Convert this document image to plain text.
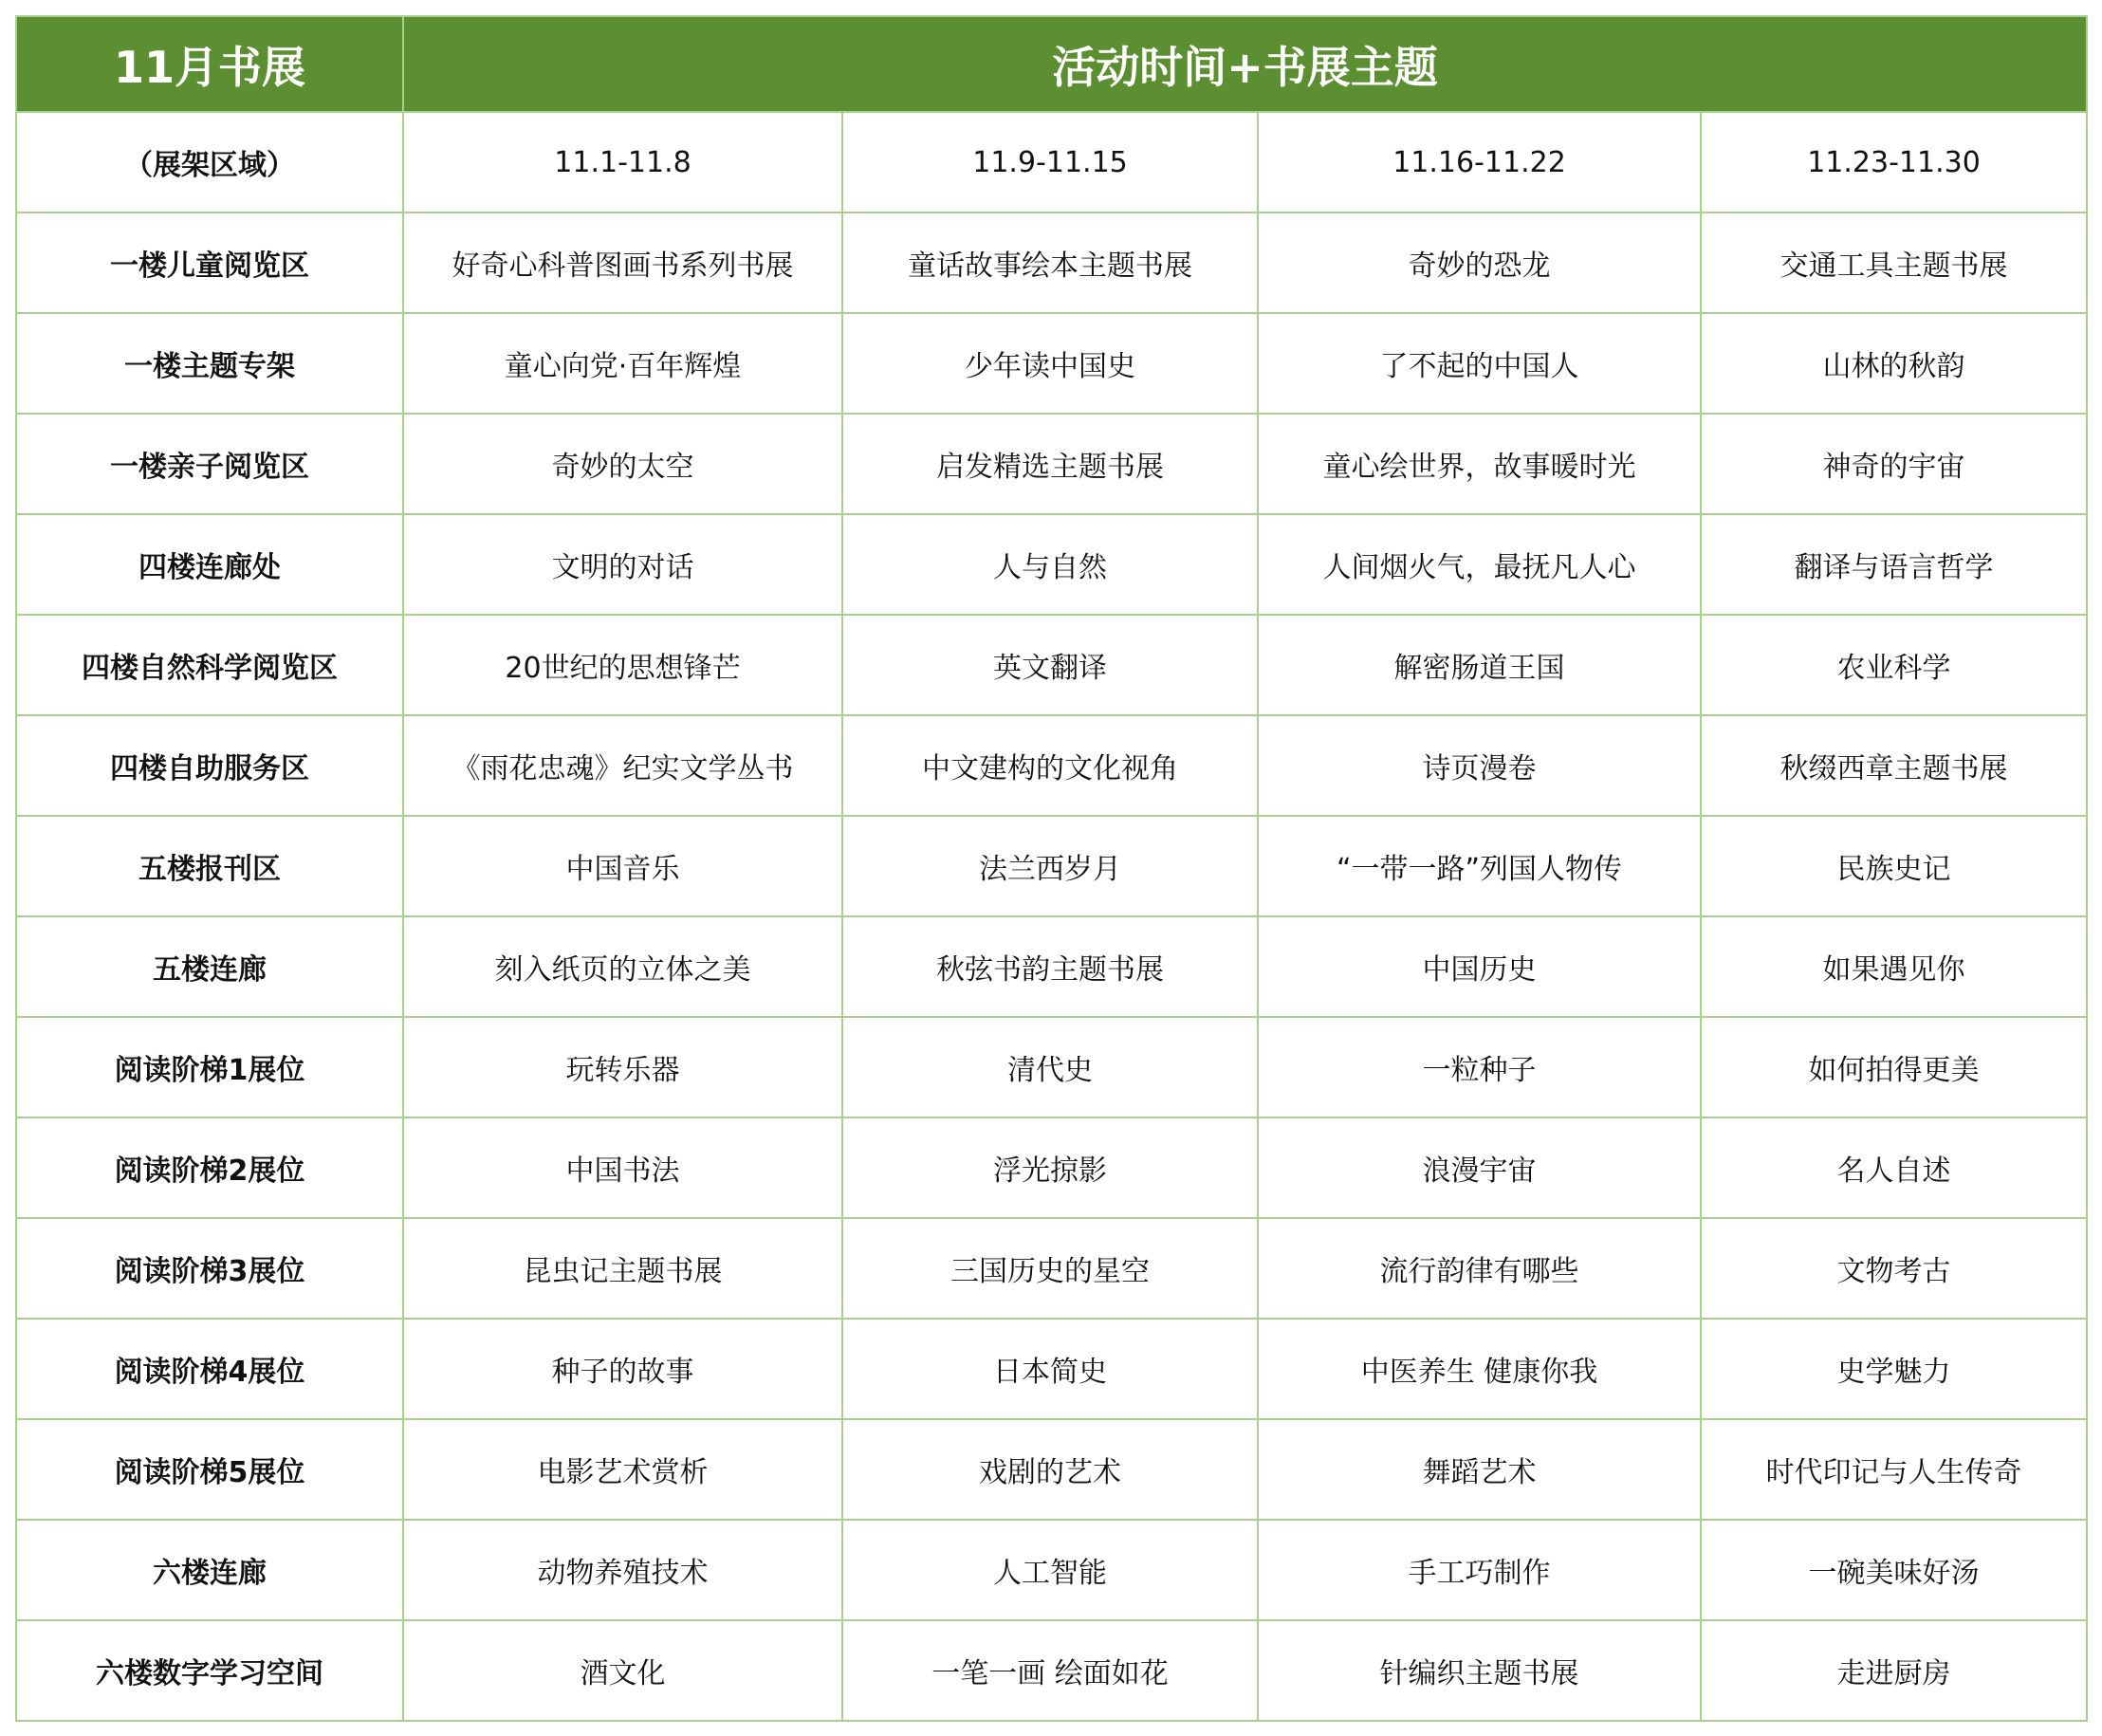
11月书展	活动时间+书展主题			
（展架区域）	11.1-11.8	11.9-11.15	11.16-11.22	11.23-11.30
一楼儿童阅览区	好奇心科普图画书系列书展	童话故事绘本主题书展	奇妙的恐龙	交通工具主题书展
一楼主题专架	童心向党·百年辉煌	少年读中国史	了不起的中国人	山林的秋韵
一楼亲子阅览区	奇妙的太空	启发精选主题书展	童心绘世界，故事暖时光	神奇的宇宙
四楼连廊处	文明的对话	人与自然	人间烟火气，最抚凡人心	翻译与语言哲学
四楼自然科学阅览区	20世纪的思想锋芒	英文翻译	解密肠道王国	农业科学
四楼自助服务区	《雨花忠魂》纪实文学丛书	中文建构的文化视角	诗页漫卷	秋缀西章主题书展
五楼报刊区	中国音乐	法兰西岁月	“一带一路”列国人物传	民族史记
五楼连廊	刻入纸页的立体之美	秋弦书韵主题书展	中国历史	如果遇见你
阅读阶梯1展位	玩转乐器	清代史	一粒种子	如何拍得更美
阅读阶梯2展位	中国书法	浮光掠影	浪漫宇宙	名人自述
阅读阶梯3展位	昆虫记主题书展	三国历史的星空	流行韵律有哪些	文物考古
阅读阶梯4展位	种子的故事	日本简史	中医养生 健康你我	史学魅力
阅读阶梯5展位	电影艺术赏析	戏剧的艺术	舞蹈艺术	时代印记与人生传奇
六楼连廊	动物养殖技术	人工智能	手工巧制作	一碗美味好汤
六楼数字学习空间	酒文化	一笔一画 绘面如花	针编织主题书展	走进厨房
